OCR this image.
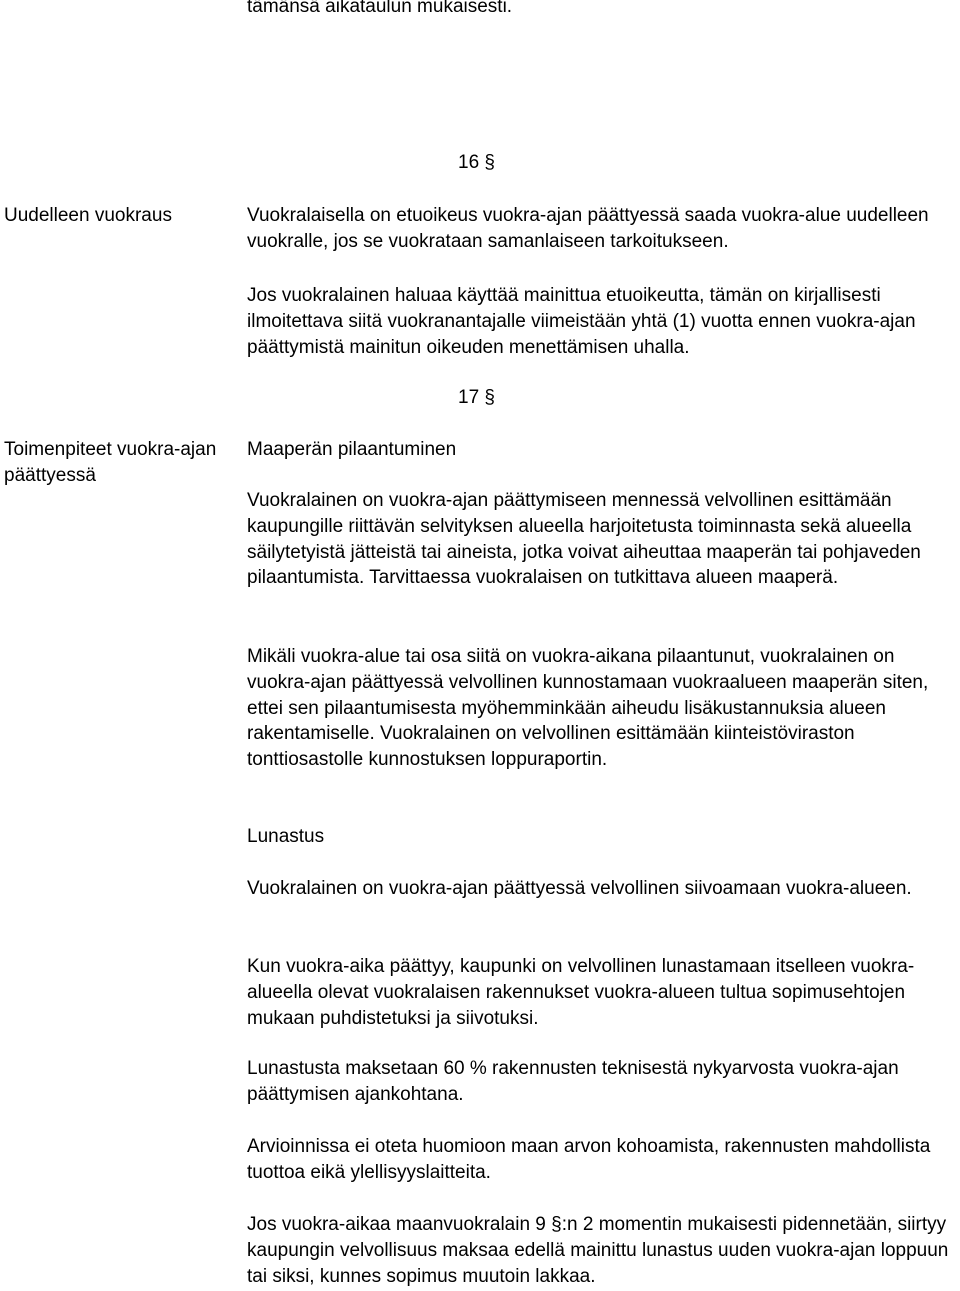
tämänsä aikataulun mukaisesti.

16 §

Uudelleen vuokraus	Vuokralaisella on etuoikeus vuokra-ajan päättyessä saada vuokra-alue uudelleen vuokralle, jos se vuokrataan samanlaiseen tarkoitukseen.

Jos vuokralainen haluaa käyttää mainittua etuoikeutta, tämän on kirjallisesti ilmoitettava siitä vuokranantajalle viimeistään yhtä (1) vuotta ennen vuokra-ajan päättymistä mainitun oikeuden menettämisen uhalla.

17 §

Toimenpiteet vuokra-ajan päättyessä

Maaperän pilaantuminen

Vuokralainen on vuokra-ajan päättymiseen mennessä velvollinen esittämään kaupungille riittävän selvityksen alueella harjoitetusta toiminnasta sekä alueella säilytetyistä jätteistä tai aineista, jotka voivat aiheuttaa maaperän tai pohjaveden pilaantumista. Tarvittaessa vuokralaisen on tutkittava alueen maaperä.

Mikäli vuokra-alue tai osa siitä on vuokra-aikana pilaantunut, vuokralainen on vuokra-ajan päättyessä velvollinen kunnostamaan vuokraalueen maaperän siten, ettei sen pilaantumisesta myöhemminkään aiheudu lisäkustannuksia alueen rakentamiselle. Vuokralainen on velvollinen esittämään kiinteistöviraston tonttiosastolle kunnostuksen loppuraportin.

Lunastus

Vuokralainen on vuokra-ajan päättyessä velvollinen siivoamaan vuokra-alueen.

Kun vuokra-aika päättyy, kaupunki on velvollinen lunastamaan itselleen vuokra-alueella olevat vuokralaisen rakennukset vuokra-alueen tultua sopimusehtojen mukaan puhdistetuksi ja siivotuksi.

Lunastusta maksetaan 60 % rakennusten teknisestä nykyarvosta vuokra-ajan päättymisen ajankohtana.

Arvioinnissa ei oteta huomioon maan arvon kohoamista, rakennusten mahdollista tuottoa eikä ylellisyyslaitteita.

Jos vuokra-aikaa maanvuokralain 9 §:n 2 momentin mukaisesti pidennetään, siirtyy kaupungin velvollisuus maksaa edellä mainittu lunastus uuden vuokra-ajan loppuun tai siksi, kunnes sopimus muutoin lakkaa.
